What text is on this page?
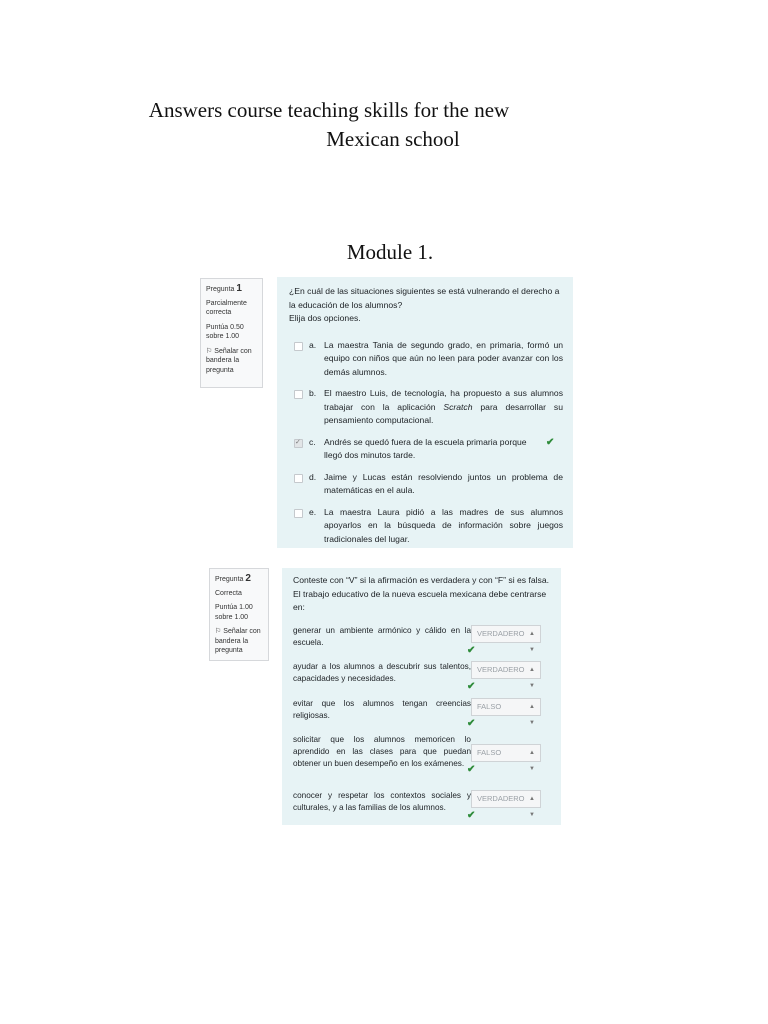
Answers course teaching skills for the new
Mexican school
Module 1.
Pregunta 1
Parcialmente correcta
Puntúa 0.50 sobre 1.00
⚐ Señalar con bandera la pregunta

¿En cuál de las situaciones siguientes se está vulnerando el derecho a la educación de los alumnos?

Elija dos opciones.

a. La maestra Tania de segundo grado, en primaria, formó un equipo con niños que aún no leen para poder avanzar con los demás alumnos.
b. El maestro Luis, de tecnología, ha propuesto a sus alumnos trabajar con la aplicación Scratch para desarrollar su pensamiento computacional.
✓
c. Andrés se quedó fuera de la escuela primaria porque llegó dos minutos tarde.
✔
d. Jaime y Lucas están resolviendo juntos un problema de matemáticas en el aula.
e. La maestra Laura pidió a las madres de sus alumnos apoyarlos en la búsqueda de información sobre juegos tradicionales del lugar.
Pregunta 2
Correcta
Puntúa 1.00 sobre 1.00
⚐ Señalar con bandera la pregunta
Conteste con “V” si la afirmación es verdadera y con “F” si es falsa. El trabajo educativo de la nueva escuela mexicana debe centrarse en:
generar un ambiente armónico y cálido en la escuela.
VERDADERO ▲
▼
✔
ayudar a los alumnos a descubrir sus talentos, capacidades y necesidades.
VERDADERO ▲
▼
✔
evitar que los alumnos tengan creencias religiosas.
FALSO	▲
▼
✔
solicitar que los alumnos memoricen lo aprendido en las clases para que puedan obtener un buen desempeño en los exámenes.
FALSO	▲
▼
✔
conocer y respetar los contextos sociales y culturales, y a las familias de los alumnos.
VERDADERO ▲
▼
✔
